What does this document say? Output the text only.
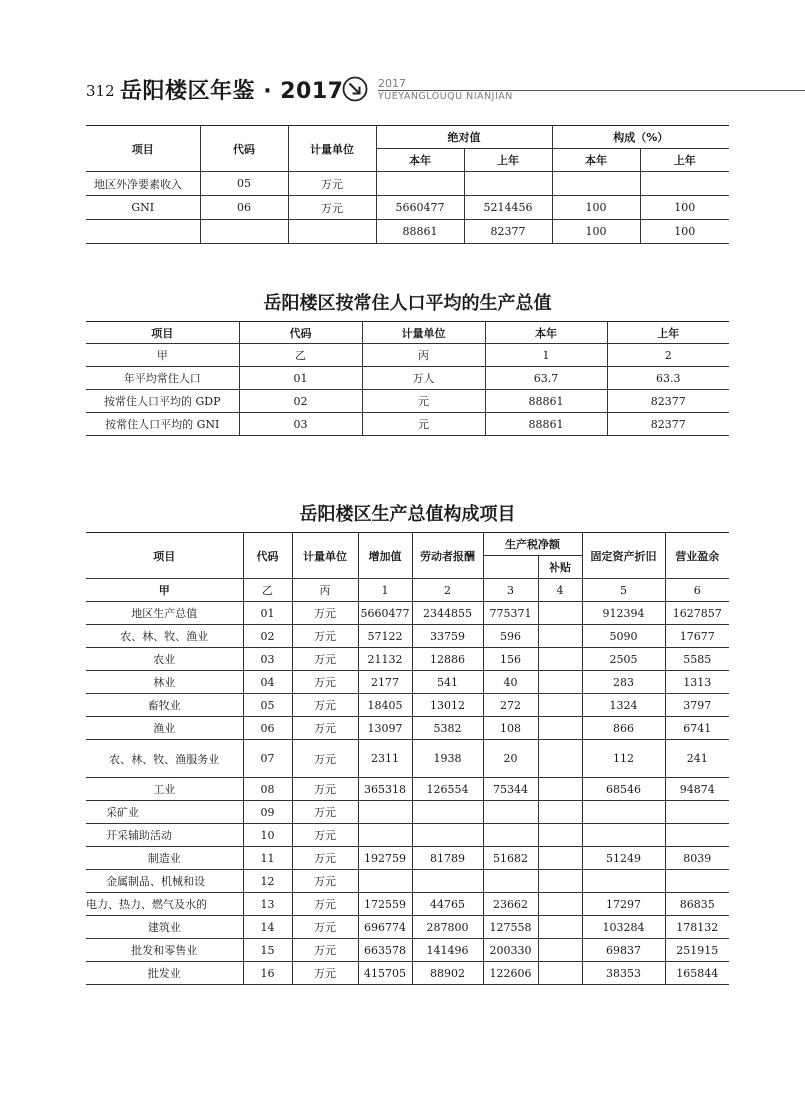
312 岳阳楼区年鉴 · 2017	2017
YUEYANGLOUQU NIANJIAN
项目	代码	计量单位	绝对值		构成（%）	
			本年	上年	本年	上年
地区外净要素收入	05	万元				
GNI	06	万元	5660477	5214456	100	100
			88861	82377	100	100
岳阳楼区按常住人口平均的生产总值
项目	代码	计量单位	本年	上年
甲	乙	丙	1	2
年平均常住人口	01	万人	63.7	63.3
按常住人口平均的 GDP	02	元	88861	82377
按常住人口平均的 GNI	03	元	88861	82377
岳阳楼区生产总值构成项目
项目	代码	计量单位	增加值	劳动者报酬	生产税净额		固定资产折旧	营业盈余
						补贴		
甲	乙	丙	1	2	3	4	5	6
地区生产总值	01	万元	5660477	2344855	775371		912394	1627857
农、林、牧、渔业	02	万元	57122	33759	596		5090	17677
农业	03	万元	21132	12886	156		2505	5585
林业	04	万元	2177	541	40		283	1313
畜牧业	05	万元	18405	13012	272		1324	3797
渔业	06	万元	13097	5382	108		866	6741
农、林、牧、渔服务业	07	万元	2311	1938	20		112	241
工业	08	万元	365318	126554	75344		68546	94874
采矿业	09	万元						
开采辅助活动	10	万元						
制造业	11	万元	192759	81789	51682		51249	8039
金属制品、机械和设	12	万元						
电力、热力、燃气及水的	13	万元	172559	44765	23662		17297	86835
建筑业	14	万元	696774	287800	127558		103284	178132
批发和零售业	15	万元	663578	141496	200330		69837	251915
批发业	16	万元	415705	88902	122606		38353	165844
